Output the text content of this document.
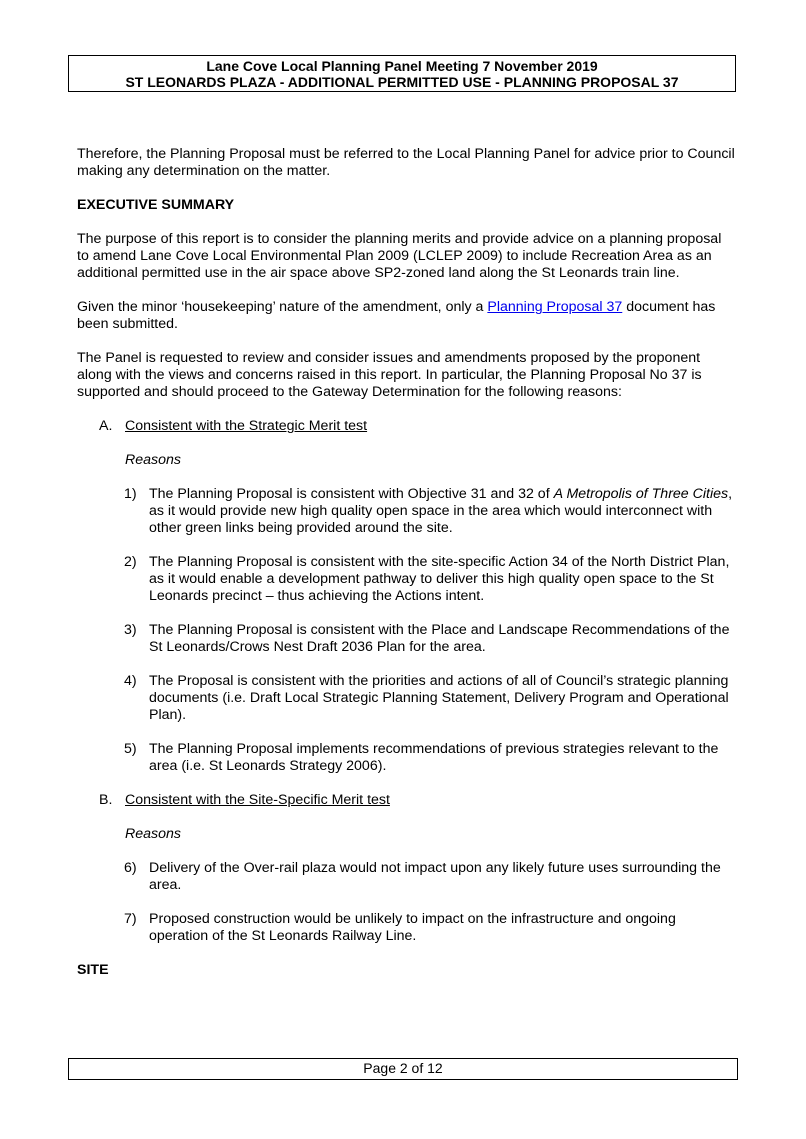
Lane Cove Local Planning Panel Meeting 7 November 2019
ST LEONARDS PLAZA - ADDITIONAL PERMITTED USE - PLANNING PROPOSAL 37

Therefore, the Planning Proposal must be referred to the Local Planning Panel for advice prior to Council making any determination on the matter.

EXECUTIVE SUMMARY

The purpose of this report is to consider the planning merits and provide advice on a planning proposal to amend Lane Cove Local Environmental Plan 2009 (LCLEP 2009) to include Recreation Area as an additional permitted use in the air space above SP2-zoned land along the St Leonards train line.

Given the minor ‘housekeeping’ nature of the amendment, only a Planning Proposal 37 document has been submitted.

The Panel is requested to review and consider issues and amendments proposed by the proponent along with the views and concerns raised in this report. In particular, the Planning Proposal No 37 is supported and should proceed to the Gateway Determination for the following reasons:

A. Consistent with the Strategic Merit test
Reasons
1) The Planning Proposal is consistent with Objective 31 and 32 of A Metropolis of Three Cities, as it would provide new high quality open space in the area which would interconnect with other green links being provided around the site.
2) The Planning Proposal is consistent with the site-specific Action 34 of the North District Plan, as it would enable a development pathway to deliver this high quality open space to the St Leonards precinct – thus achieving the Actions intent.
3) The Planning Proposal is consistent with the Place and Landscape Recommendations of the St Leonards/Crows Nest Draft 2036 Plan for the area.
4) The Proposal is consistent with the priorities and actions of all of Council’s strategic planning documents (i.e. Draft Local Strategic Planning Statement, Delivery Program and Operational Plan).
5) The Planning Proposal implements recommendations of previous strategies relevant to the area (i.e. St Leonards Strategy 2006).
B. Consistent with the Site-Specific Merit test
Reasons
6) Delivery of the Over-rail plaza would not impact upon any likely future uses surrounding the area.
7) Proposed construction would be unlikely to impact on the infrastructure and ongoing operation of the St Leonards Railway Line.

SITE

Page 2 of 12
